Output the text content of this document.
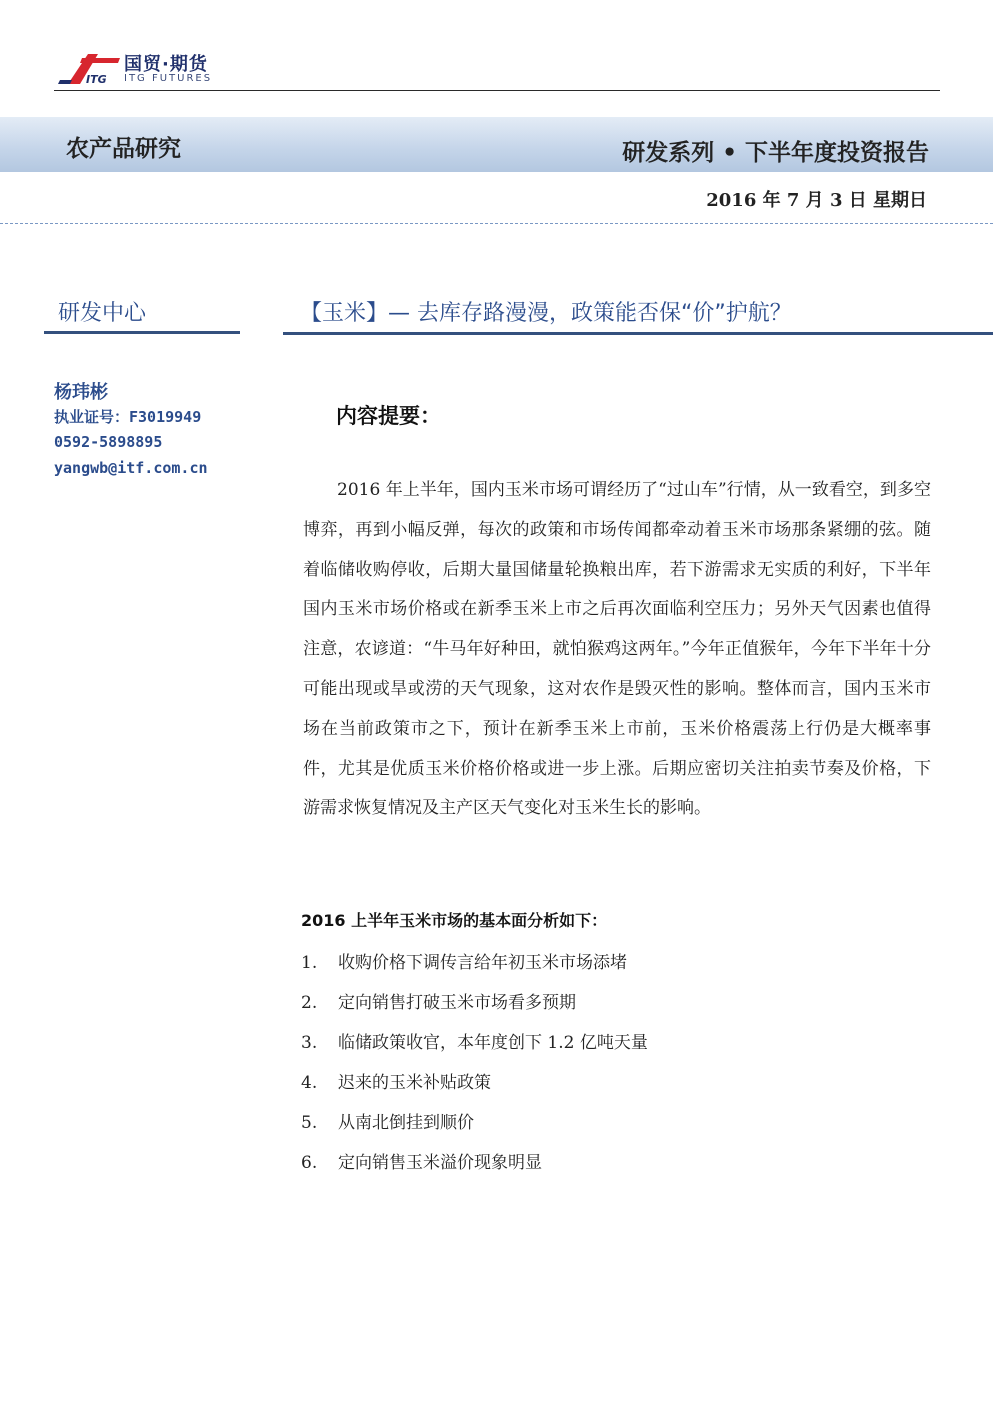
ITG
国贸·期货
ITG FUTURES
农产品研究	研发系列 • 下半年度投资报告
2016 年 7 月 3 日 星期日
研发中心
杨玮彬
执业证号：F3019949
0592-5898895
yangwb@itf.com.cn
【玉米】— 去库存路漫漫，政策能否保“价”护航？
内容提要：

2016 年上半年，国内玉米市场可谓经历了“过山车”行情，从一致看空，到多空博弈，再到小幅反弹，每次的政策和市场传闻都牵动着玉米市场那条紧绷的弦。随着临储收购停收，后期大量国储量轮换粮出库，若下游需求无实质的利好，下半年国内玉米市场价格或在新季玉米上市之后再次面临利空压力；另外天气因素也值得注意，农谚道：“牛马年好种田，就怕猴鸡这两年。”今年正值猴年，今年下半年十分可能出现或旱或涝的天气现象，这对农作是毁灭性的影响。整体而言，国内玉米市场在当前政策市之下，预计在新季玉米上市前，玉米价格震荡上行仍是大概率事件，尤其是优质玉米价格价格或进一步上涨。后期应密切关注拍卖节奏及价格，下游需求恢复情况及主产区天气变化对玉米生长的影响。

2016 上半年玉米市场的基本面分析如下：
1. 收购价格下调传言给年初玉米市场添堵
2. 定向销售打破玉米市场看多预期
3. 临储政策收官，本年度创下 1.2 亿吨天量
4. 迟来的玉米补贴政策
5. 从南北倒挂到顺价
6. 定向销售玉米溢价现象明显
